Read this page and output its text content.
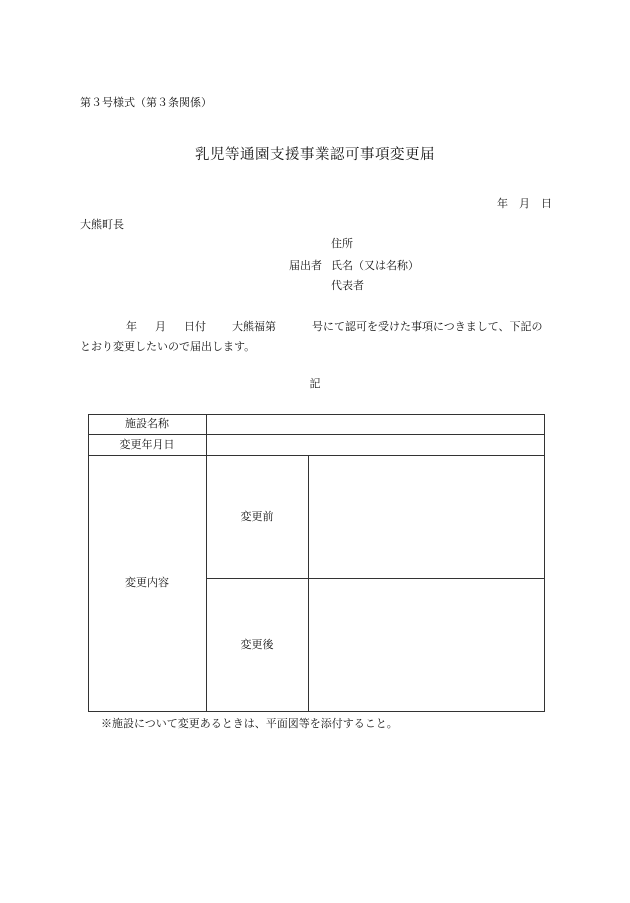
第３号様式（第３条関係）
乳児等通園支援事業認可事項変更届
年　月　日
大熊町長
住所
届出者 氏名（又は名称）
代表者
年 月 日付 大熊福第	号にて認可を受けた事項につきまして、下記の
とおり変更したいので届出します。
記
施設名称
変更年月日
変更内容
変更前
変更後
※施設について変更あるときは、平面図等を添付すること。
